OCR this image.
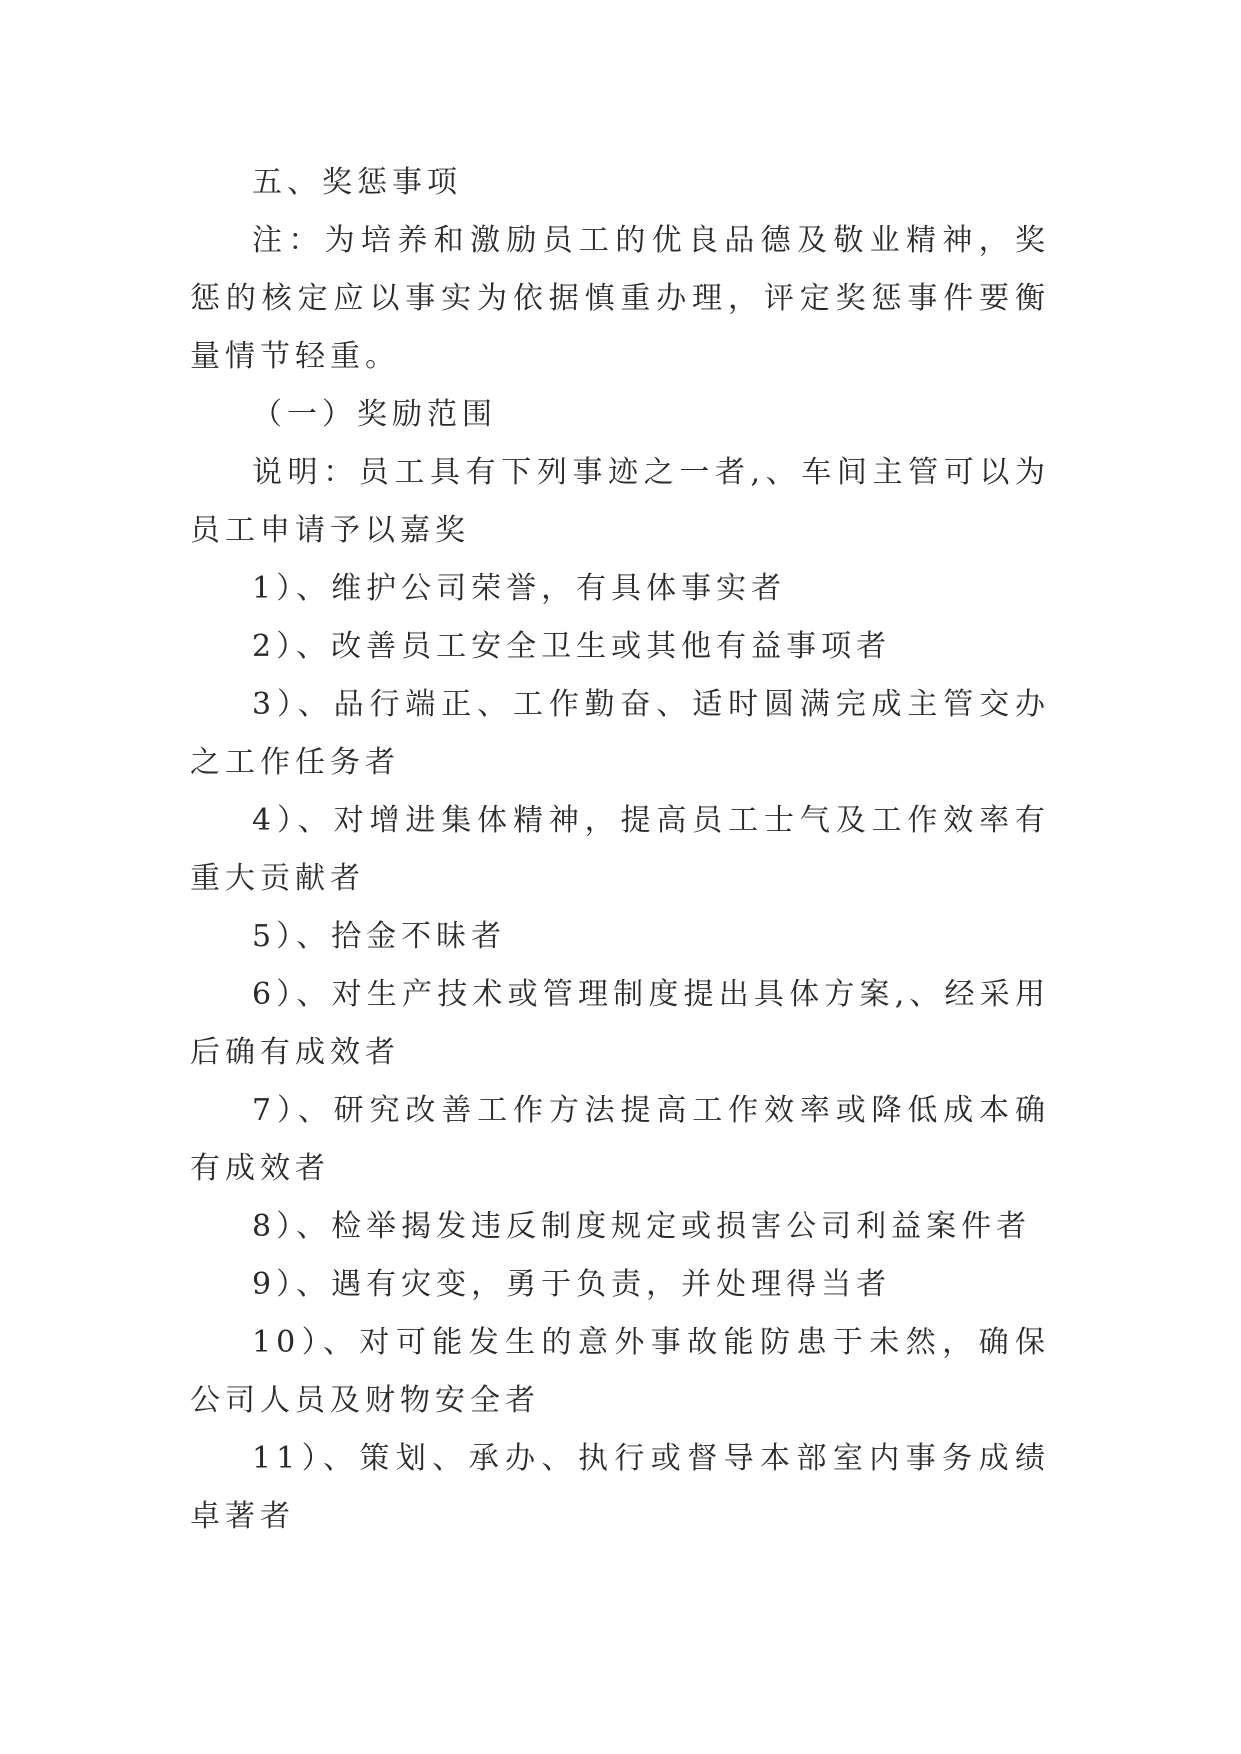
五、奖惩事项

注：为培养和激励员工的优良品德及敬业精神，奖惩的核定应以事实为依据慎重办理，评定奖惩事件要衡量情节轻重。

（一）奖励范围

说明：员工具有下列事迹之一者,、车间主管可以为员工申请予以嘉奖

1）、维护公司荣誉，有具体事实者

2）、改善员工安全卫生或其他有益事项者

3）、品行端正、工作勤奋、适时圆满完成主管交办之工作任务者

4）、对增进集体精神，提高员工士气及工作效率有重大贡献者

5）、拾金不昧者

6）、对生产技术或管理制度提出具体方案,、经采用后确有成效者

7）、研究改善工作方法提高工作效率或降低成本确有成效者

8）、检举揭发违反制度规定或损害公司利益案件者

9）、遇有灾变，勇于负责，并处理得当者

10）、对可能发生的意外事故能防患于未然，确保公司人员及财物安全者

11）、策划、承办、执行或督导本部室内事务成绩卓著者
